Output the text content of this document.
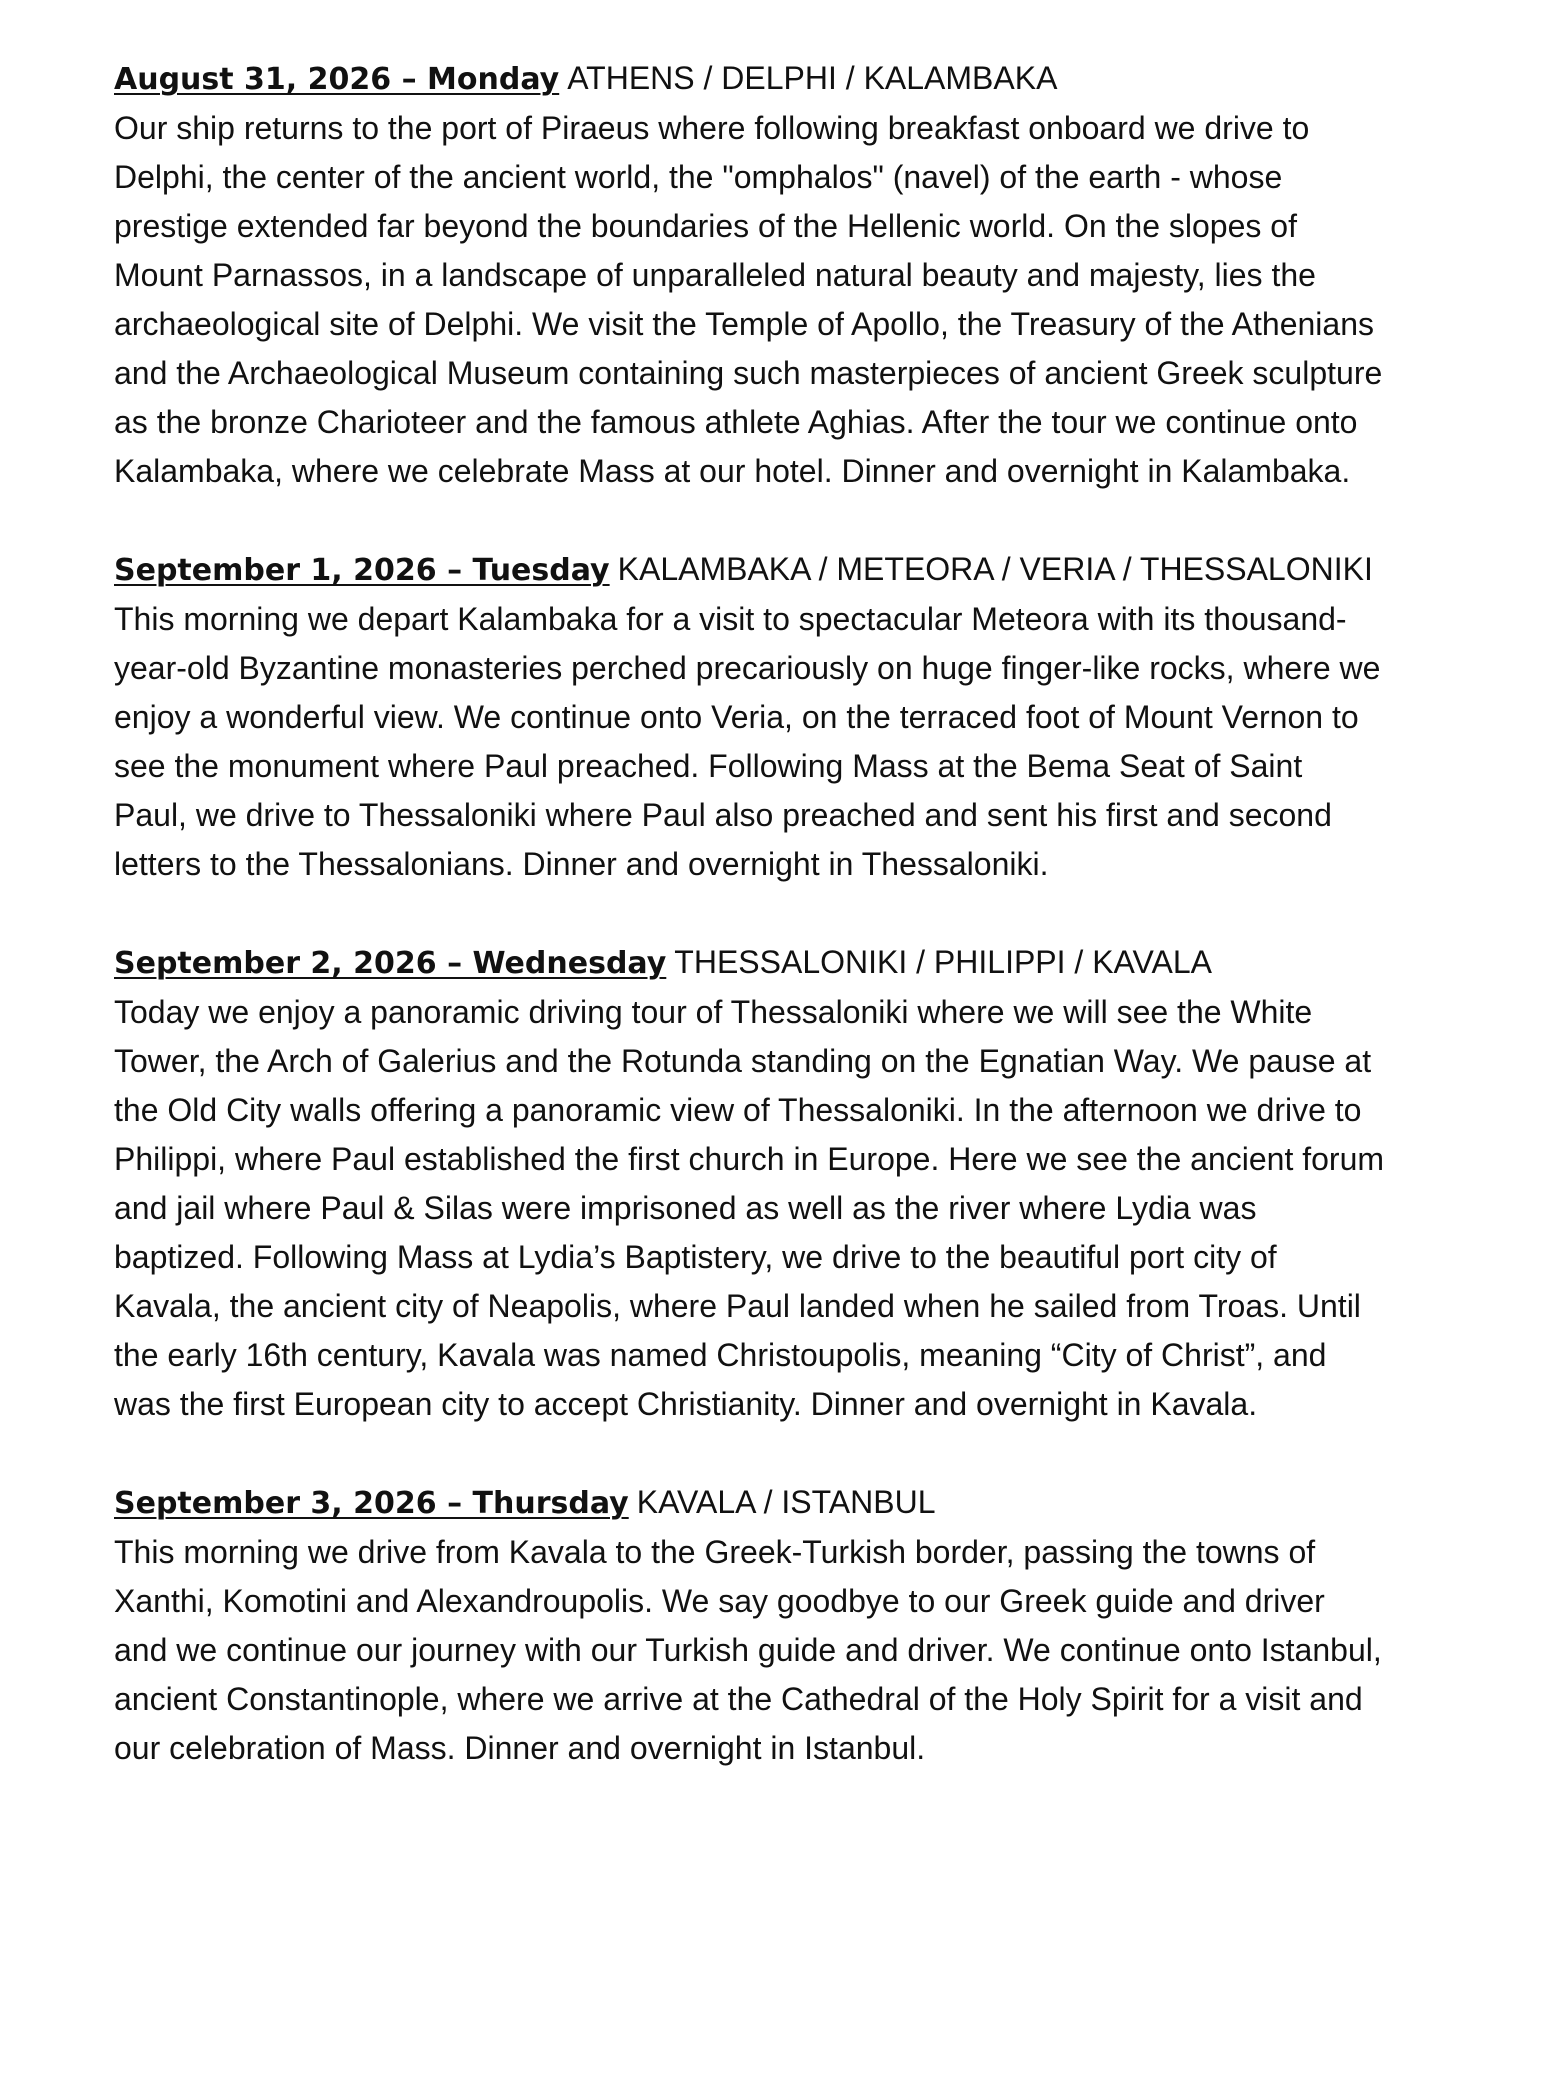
August 31, 2026 – Monday ATHENS / DELPHI / KALAMBAKA
Our ship returns to the port of Piraeus where following breakfast onboard we drive to Delphi, the center of the ancient world, the "omphalos" (navel) of the earth - whose prestige extended far beyond the boundaries of the Hellenic world. On the slopes of Mount Parnassos, in a landscape of unparalleled natural beauty and majesty, lies the archaeological site of Delphi. We visit the Temple of Apollo, the Treasury of the Athenians and the Archaeological Museum containing such masterpieces of ancient Greek sculpture as the bronze Charioteer and the famous athlete Aghias. After the tour we continue onto Kalambaka, where we celebrate Mass at our hotel. Dinner and overnight in Kalambaka.
September 1, 2026 – Tuesday KALAMBAKA / METEORA / VERIA / THESSALONIKI
This morning we depart Kalambaka for a visit to spectacular Meteora with its thousand-year-old Byzantine monasteries perched precariously on huge finger-like rocks, where we enjoy a wonderful view. We continue onto Veria, on the terraced foot of Mount Vernon to see the monument where Paul preached. Following Mass at the Bema Seat of Saint Paul, we drive to Thessaloniki where Paul also preached and sent his first and second letters to the Thessalonians. Dinner and overnight in Thessaloniki.
September 2, 2026 – Wednesday THESSALONIKI / PHILIPPI / KAVALA
Today we enjoy a panoramic driving tour of Thessaloniki where we will see the White Tower, the Arch of Galerius and the Rotunda standing on the Egnatian Way. We pause at the Old City walls offering a panoramic view of Thessaloniki. In the afternoon we drive to Philippi, where Paul established the first church in Europe. Here we see the ancient forum and jail where Paul & Silas were imprisoned as well as the river where Lydia was baptized. Following Mass at Lydia’s Baptistery, we drive to the beautiful port city of Kavala, the ancient city of Neapolis, where Paul landed when he sailed from Troas. Until the early 16th century, Kavala was named Christoupolis, meaning “City of Christ”, and was the first European city to accept Christianity. Dinner and overnight in Kavala.
September 3, 2026 – Thursday KAVALA / ISTANBUL
This morning we drive from Kavala to the Greek-Turkish border, passing the towns of Xanthi, Komotini and Alexandroupolis. We say goodbye to our Greek guide and driver and we continue our journey with our Turkish guide and driver. We continue onto Istanbul, ancient Constantinople, where we arrive at the Cathedral of the Holy Spirit for a visit and our celebration of Mass. Dinner and overnight in Istanbul.
